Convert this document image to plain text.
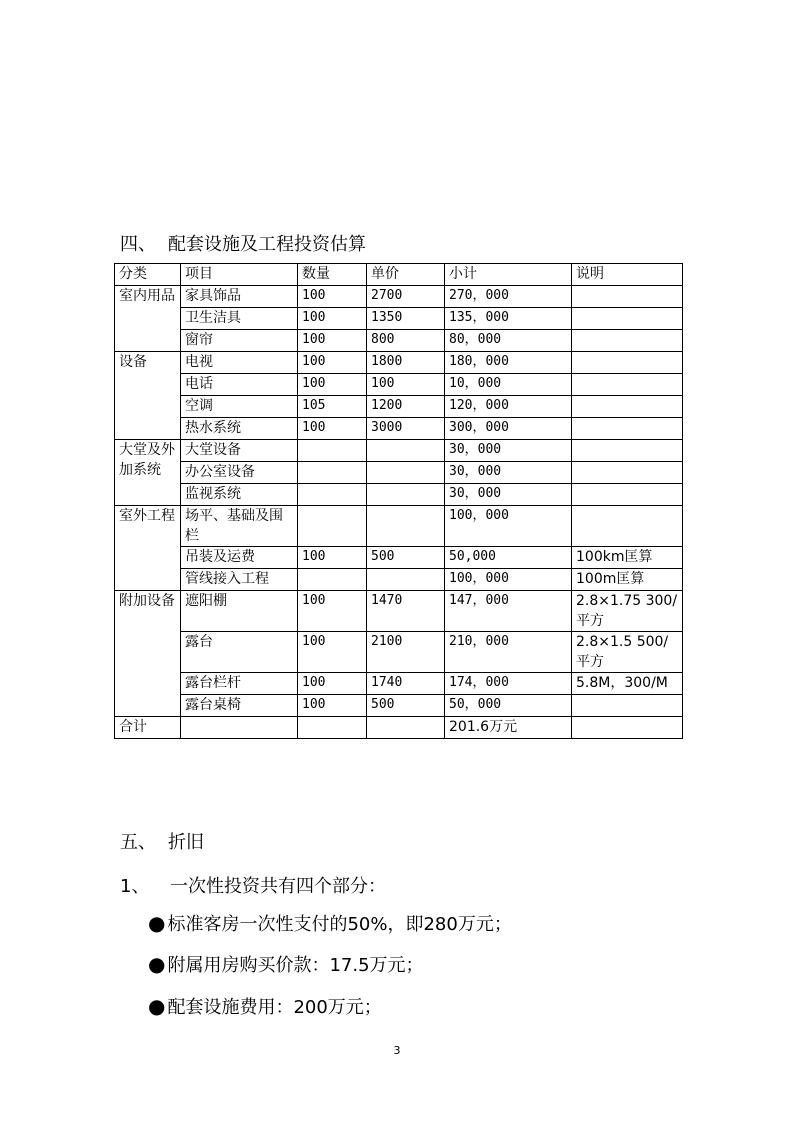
四、 配套设施及工程投资估算
分类	项目	数量	单价	小计	说明
室内用品	家具饰品	100	2700	270，000	
	卫生洁具	100	1350	135，000	
	窗帘	100	800	80，000	
设备	电视	100	1800	180，000	
	电话	100	100	10，000	
	空调	105	1200	120，000	
	热水系统	100	3000	300，000	
大堂及外加系统	大堂设备			30，000	
	办公室设备			30，000	
	监视系统			30，000	
室外工程	场平、基础及围栏			100，000	
	吊装及运费	100	500	50,000	100km匡算
	管线接入工程			100，000	100m匡算
附加设备	遮阳棚	100	1470	147，000	2.8×1.75 300/平方
	露台	100	2100	210，000	2.8×1.5 500/平方
	露台栏杆	100	1740	174，000	5.8M，300/M
	露台桌椅	100	500	50，000	
合计				201.6万元	
五、 折旧
1、 一次性投资共有四个部分：
● 标准客房一次性支付的50%，即280万元；
● 附属用房购买价款：17.5万元；
● 配套设施费用：200万元；
3
